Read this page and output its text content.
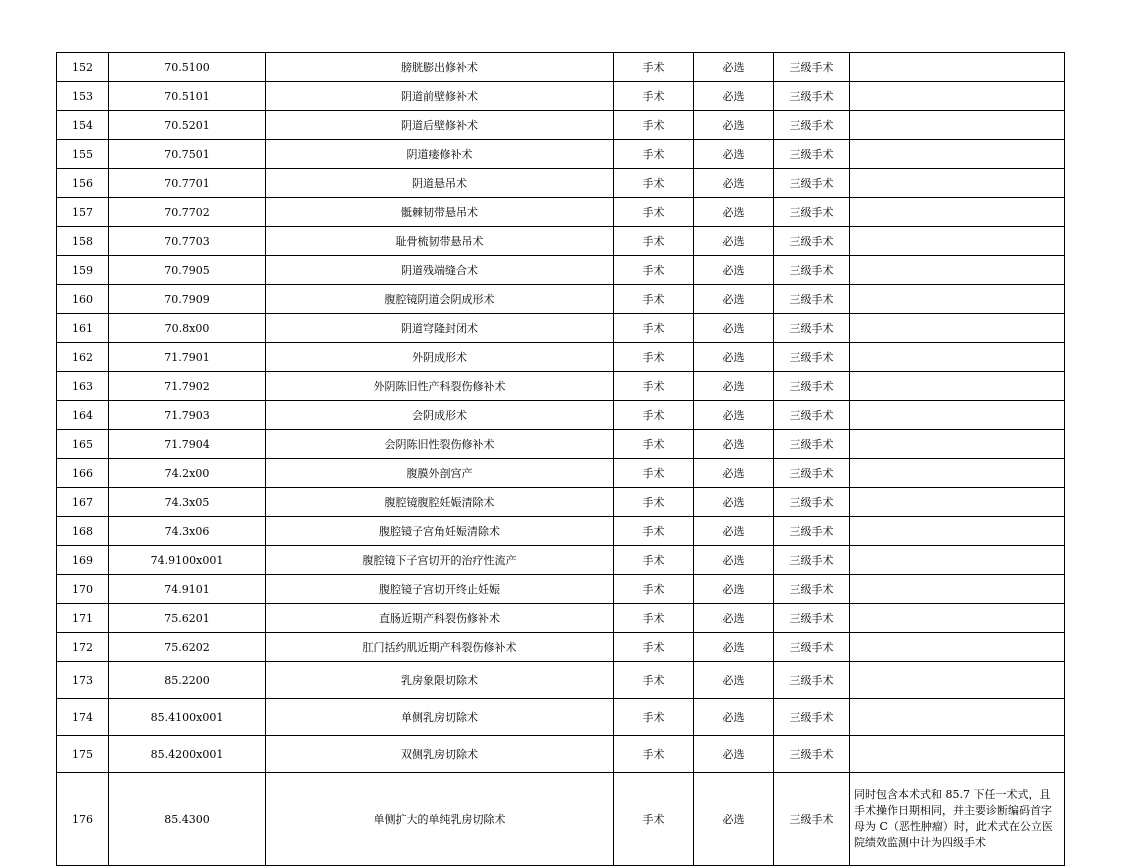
152	70.5100	膀胱膨出修补术	手术	必选	三级手术	
153	70.5101	阴道前壁修补术	手术	必选	三级手术	
154	70.5201	阴道后壁修补术	手术	必选	三级手术	
155	70.7501	阴道瘘修补术	手术	必选	三级手术	
156	70.7701	阴道悬吊术	手术	必选	三级手术	
157	70.7702	骶棘韧带悬吊术	手术	必选	三级手术	
158	70.7703	耻骨梳韧带悬吊术	手术	必选	三级手术	
159	70.7905	阴道残端缝合术	手术	必选	三级手术	
160	70.7909	腹腔镜阴道会阴成形术	手术	必选	三级手术	
161	70.8x00	阴道穹隆封闭术	手术	必选	三级手术	
162	71.7901	外阴成形术	手术	必选	三级手术	
163	71.7902	外阴陈旧性产科裂伤修补术	手术	必选	三级手术	
164	71.7903	会阴成形术	手术	必选	三级手术	
165	71.7904	会阴陈旧性裂伤修补术	手术	必选	三级手术	
166	74.2x00	腹膜外剖宫产	手术	必选	三级手术	
167	74.3x05	腹腔镜腹腔妊娠清除术	手术	必选	三级手术	
168	74.3x06	腹腔镜子宫角妊娠清除术	手术	必选	三级手术	
169	74.9100x001	腹腔镜下子宫切开的治疗性流产	手术	必选	三级手术	
170	74.9101	腹腔镜子宫切开终止妊娠	手术	必选	三级手术	
171	75.6201	直肠近期产科裂伤修补术	手术	必选	三级手术	
172	75.6202	肛门括约肌近期产科裂伤修补术	手术	必选	三级手术	
173	85.2200	乳房象限切除术	手术	必选	三级手术	
174	85.4100x001	单侧乳房切除术	手术	必选	三级手术	
175	85.4200x001	双侧乳房切除术	手术	必选	三级手术	
176	85.4300	单侧扩大的单纯乳房切除术	手术	必选	三级手术	同时包含本术式和 85.7 下任一术式，且手术操作日期相同，并主要诊断编码首字母为 C（恶性肿瘤）时，此术式在公立医院绩效监测中计为四级手术
